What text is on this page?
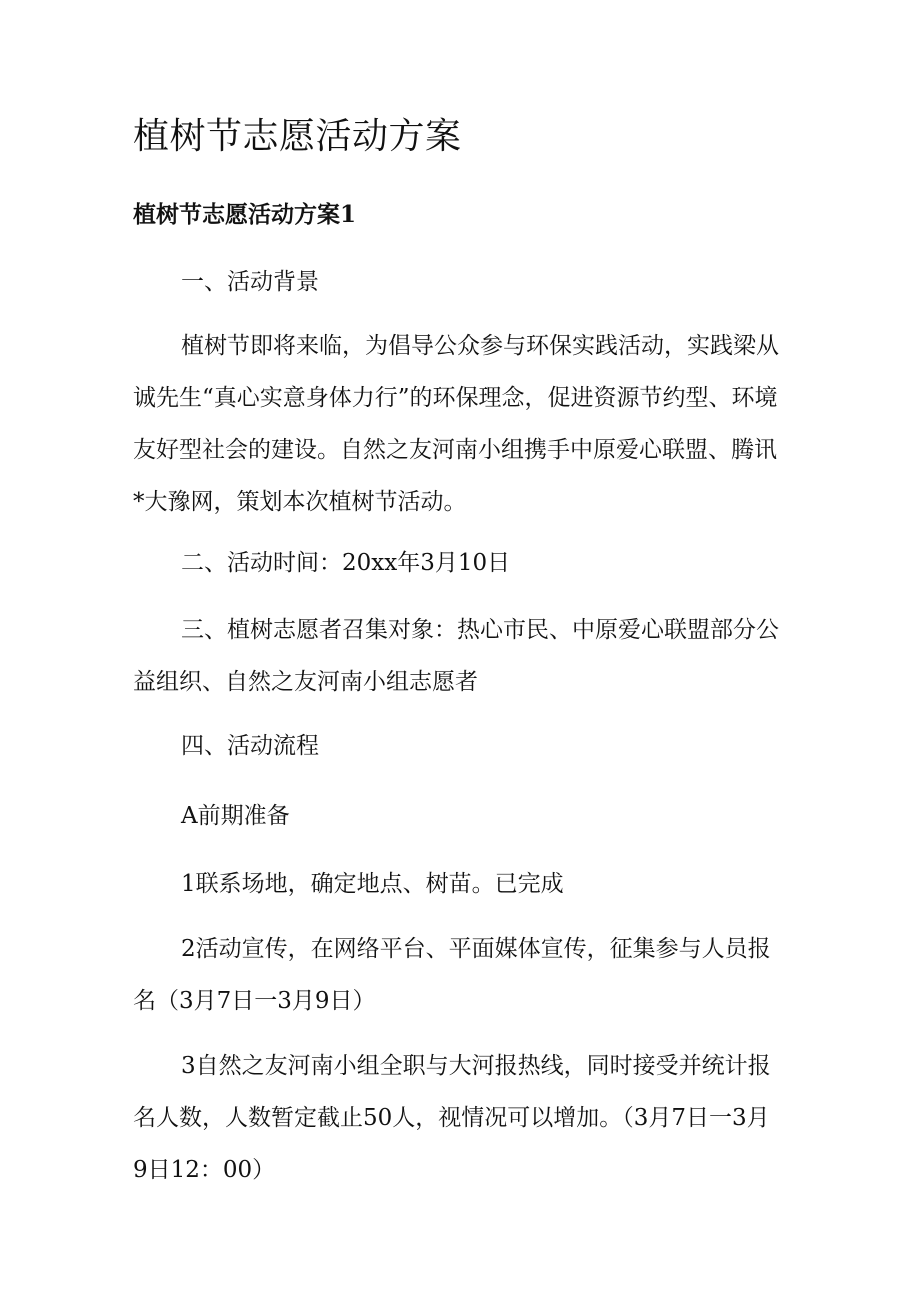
植树节志愿活动方案
植树节志愿活动方案1

一、活动背景

植树节即将来临，为倡导公众参与环保实践活动，实践梁从诚先生“真心实意身体力行”的环保理念，促进资源节约型、环境友好型社会的建设。自然之友河南小组携手中原爱心联盟、腾讯*大豫网，策划本次植树节活动。

二、活动时间：20xx年3月10日

三、植树志愿者召集对象：热心市民、中原爱心联盟部分公益组织、自然之友河南小组志愿者

四、活动流程

A前期准备

1联系场地，确定地点、树苗。已完成

2活动宣传，在网络平台、平面媒体宣传，征集参与人员报名（3月7日一3月9日）

3自然之友河南小组全职与大河报热线，同时接受并统计报名人数，人数暂定截止50人，视情况可以增加。（3月7日一3月9日12：00）
